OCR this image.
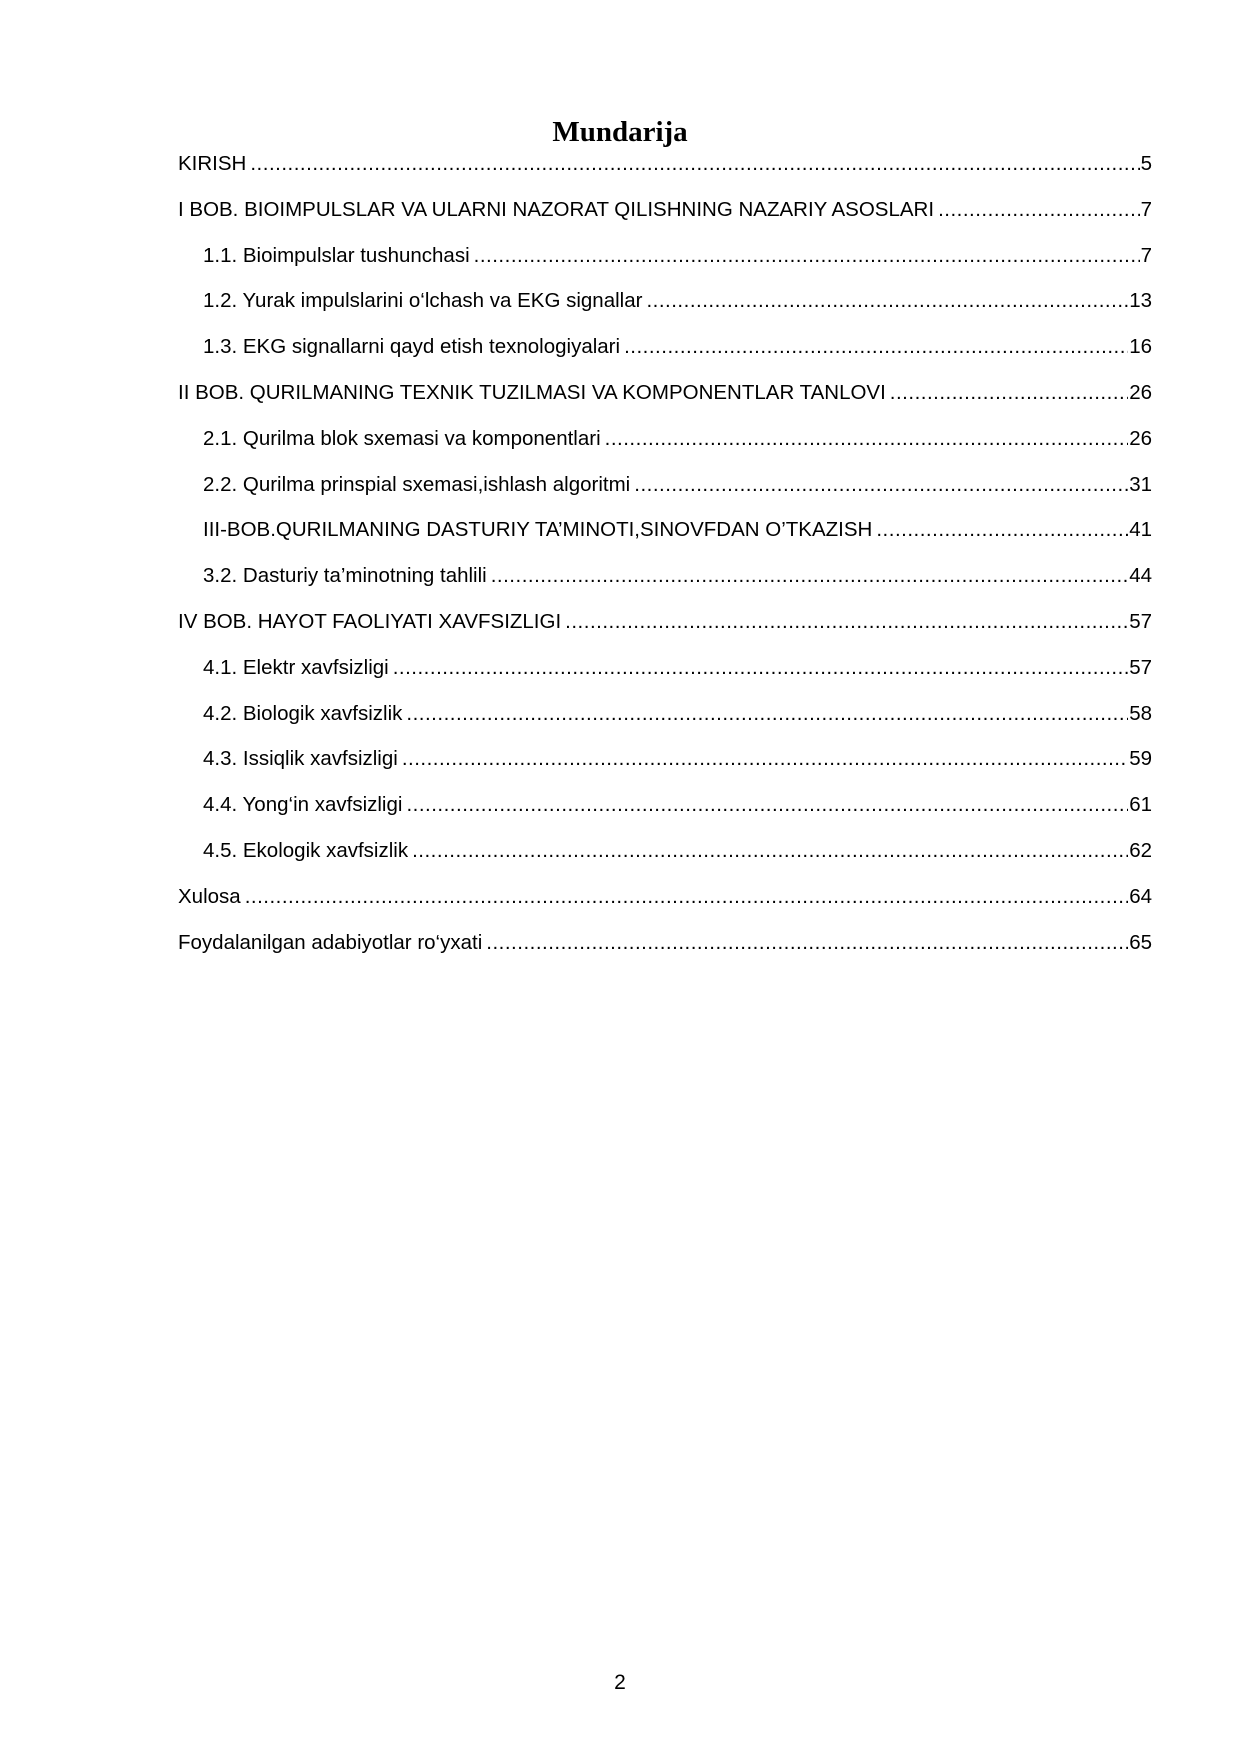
Mundarija
KIRISH .....	5
I BOB. BIOIMPULSLAR VA ULARNI NAZORAT QILISHNING NAZARIY ASOSLARI .....	7
1.1. Bioimpulslar tushunchasi .....	7
1.2. Yurak impulslarini o‘lchash va EKG signallar .....	13
1.3. EKG signallarni qayd etish texnologiyalari .....	16
II BOB. QURILMANING TEXNIK TUZILMASI VA KOMPONENTLAR TANLOVI .....	26
2.1. Qurilma blok sxemasi va komponentlari .....	26
2.2. Qurilma prinspial sxemasi,ishlash algoritmi .....	31
III-BOB.QURILMANING DASTURIY TA’MINOTI,SINOVFDAN O’TKAZISH .....	41
3.2. Dasturiy ta’minotning tahlili .....	44
IV BOB. HAYOT FAOLIYATI XAVFSIZLIGI .....	57
4.1. Elektr xavfsizligi .....	57
4.2. Biologik xavfsizlik .....	58
4.3. Issiqlik xavfsizligi .....	59
4.4. Yong‘in xavfsizligi .....	61
4.5. Ekologik xavfsizlik .....	62
Xulosa .....	64
Foydalanilgan adabiyotlar ro‘yxati .....	65
2
